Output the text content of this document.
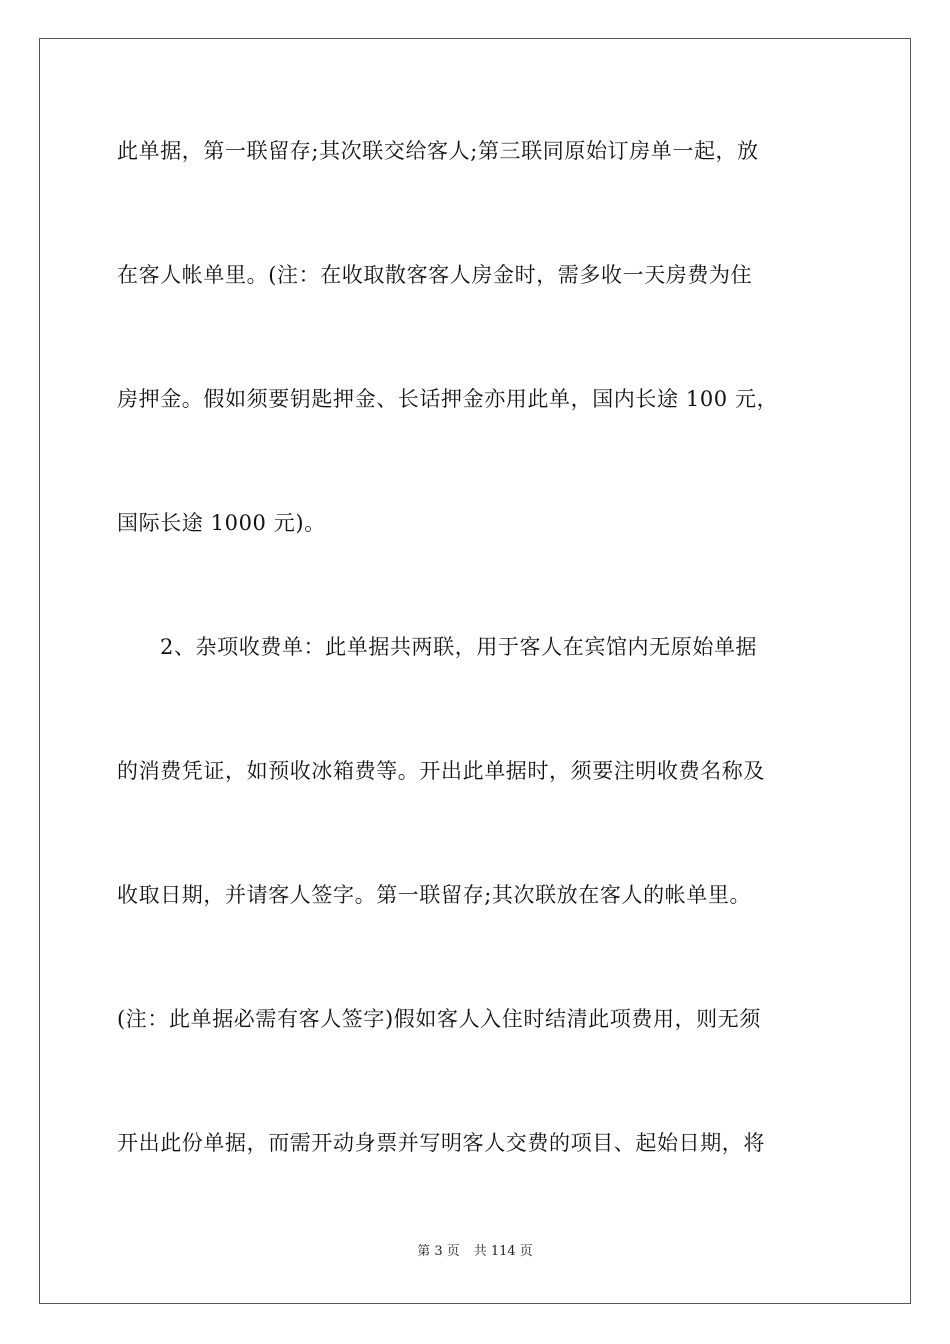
此单据，第一联留存;其次联交给客人;第三联同原始订房单一起，放
在客人帐单里。(注：在收取散客客人房金时，需多收一天房费为住
房押金。假如须要钥匙押金、长话押金亦用此单，国内长途 100 元，
国际长途 1000 元)。
2、杂项收费单：此单据共两联，用于客人在宾馆内无原始单据
的消费凭证，如预收冰箱费等。开出此单据时，须要注明收费名称及
收取日期，并请客人签字。第一联留存;其次联放在客人的帐单里。
(注：此单据必需有客人签字)假如客人入住时结清此项费用，则无须
开出此份单据，而需开动身票并写明客人交费的项目、起始日期，将
第 3 页 共 114 页
